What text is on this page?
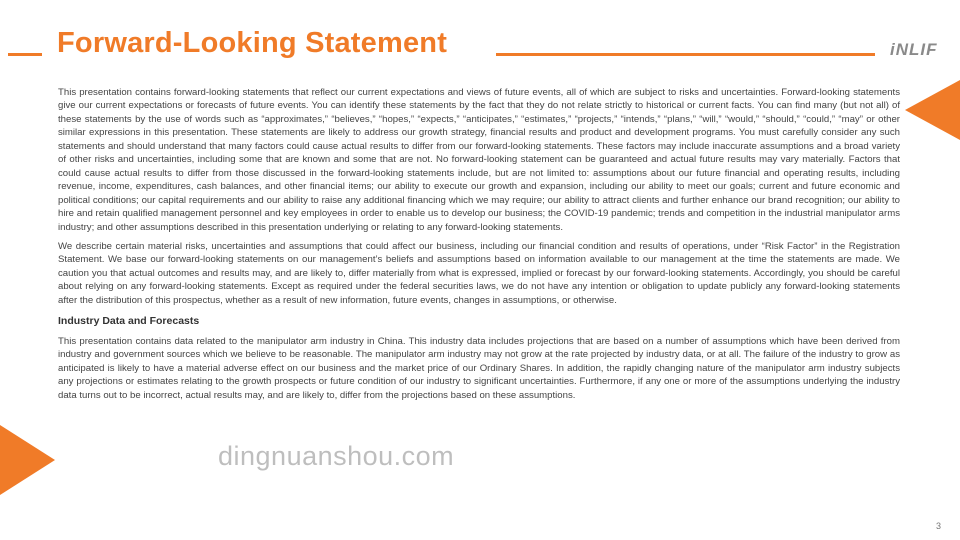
Forward-Looking Statement	iNLIF

This presentation contains forward-looking statements that reflect our current expectations and views of future events, all of which are subject to risks and uncertainties. Forward-looking statements give our current expectations or forecasts of future events. You can identify these statements by the fact that they do not relate strictly to historical or current facts. You can find many (but not all) of these statements by the use of words such as “approximates,” “believes,” “hopes,” “expects,” “anticipates,” “estimates,” “projects,” “intends,” “plans,” “will,” “would,” “should,” “could,” “may” or other similar expressions in this presentation. These statements are likely to address our growth strategy, financial results and product and development programs. You must carefully consider any such statements and should understand that many factors could cause actual results to differ from our forward-looking statements. These factors may include inaccurate assumptions and a broad variety of other risks and uncertainties, including some that are known and some that are not. No forward-looking statement can be guaranteed and actual future results may vary materially. Factors that could cause actual results to differ from those discussed in the forward-looking statements include, but are not limited to: assumptions about our future financial and operating results, including revenue, income, expenditures, cash balances, and other financial items; our ability to execute our growth and expansion, including our ability to meet our goals; current and future economic and political conditions; our capital requirements and our ability to raise any additional financing which we may require; our ability to attract clients and further enhance our brand recognition; our ability to hire and retain qualified management personnel and key employees in order to enable us to develop our business; the COVID-19 pandemic; trends and competition in the industrial manipulator arms industry; and other assumptions described in this presentation underlying or relating to any forward-looking statements.

We describe certain material risks, uncertainties and assumptions that could affect our business, including our financial condition and results of operations, under “Risk Factor” in the Registration Statement. We base our forward-looking statements on our management’s beliefs and assumptions based on information available to our management at the time the statements are made. We caution you that actual outcomes and results may, and are likely to, differ materially from what is expressed, implied or forecast by our forward-looking statements. Accordingly, you should be careful about relying on any forward-looking statements. Except as required under the federal securities laws, we do not have any intention or obligation to update publicly any forward-looking statements after the distribution of this prospectus, whether as a result of new information, future events, changes in assumptions, or otherwise.

Industry Data and Forecasts

This presentation contains data related to the manipulator arm industry in China. This industry data includes projections that are based on a number of assumptions which have been derived from industry and government sources which we believe to be reasonable. The manipulator arm industry may not grow at the rate projected by industry data, or at all. The failure of the industry to grow as anticipated is likely to have a material adverse effect on our business and the market price of our Ordinary Shares. In addition, the rapidly changing nature of the manipulator arm industry subjects any projections or estimates relating to the growth prospects or future condition of our industry to significant uncertainties. Furthermore, if any one or more of the assumptions underlying the industry data turns out to be incorrect, actual results may, and are likely to, differ from the projections based on these assumptions.

dingnuanshou.com
3
